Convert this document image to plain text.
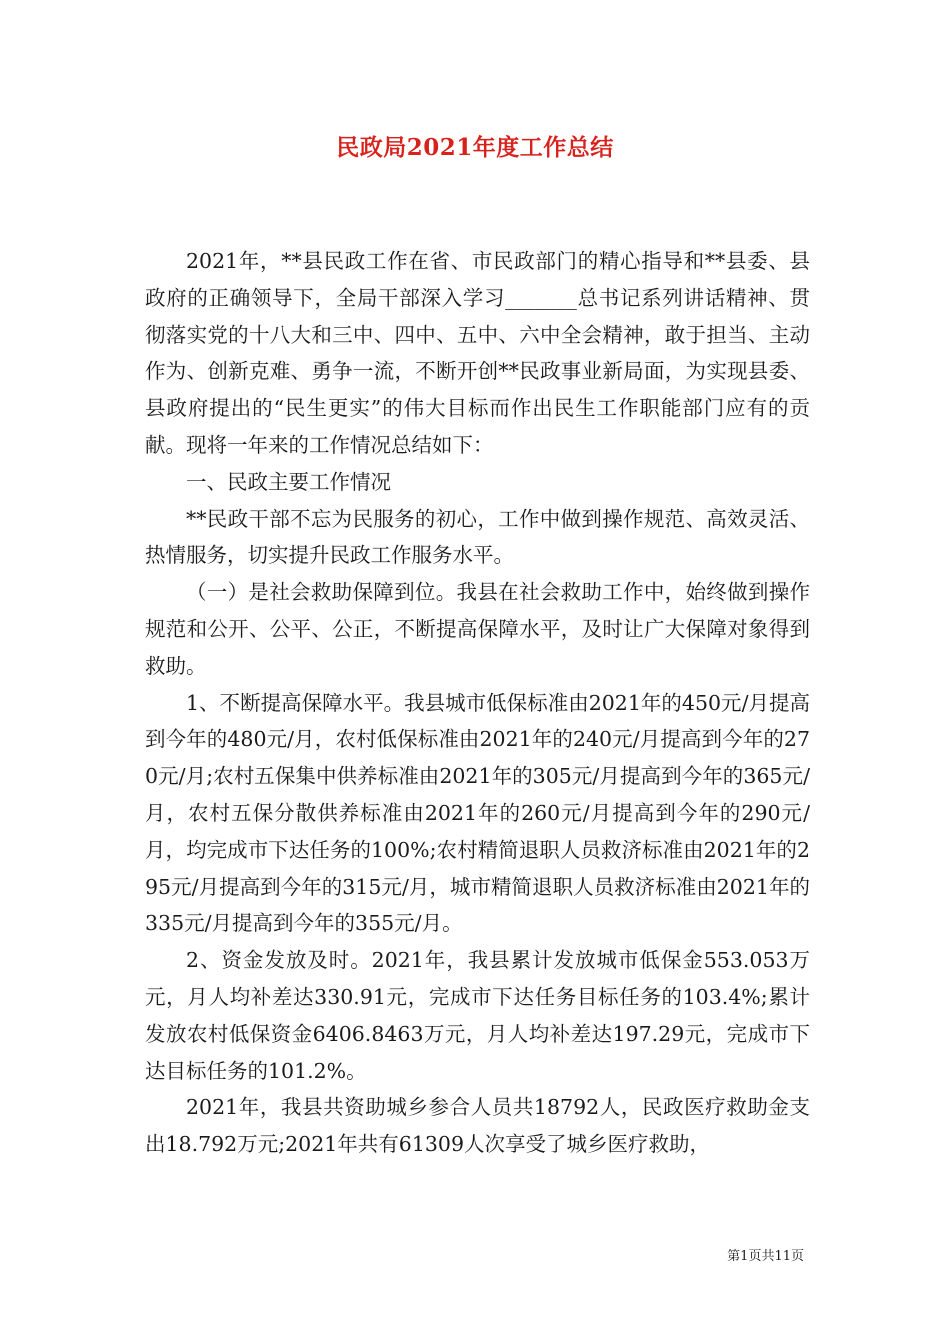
民政局2021年度工作总结

2021年，**县民政工作在省、市民政部门的精心指导和**县委、县政府的正确领导下，全局干部深入学习_______总书记系列讲话精神、贯彻落实党的十八大和三中、四中、五中、六中全会精神，敢于担当、主动作为、创新克难、勇争一流，不断开创**民政事业新局面，为实现县委、县政府提出的“民生更实”的伟大目标而作出民生工作职能部门应有的贡献。现将一年来的工作情况总结如下：

一、民政主要工作情况

**民政干部不忘为民服务的初心，工作中做到操作规范、高效灵活、热情服务，切实提升民政工作服务水平。

（一）是社会救助保障到位。我县在社会救助工作中，始终做到操作规范和公开、公平、公正，不断提高保障水平，及时让广大保障对象得到救助。

1、不断提高保障水平。我县城市低保标准由2021年的450元/月提高到今年的480元/月，农村低保标准由2021年的240元/月提高到今年的270元/月;农村五保集中供养标准由2021年的305元/月提高到今年的365元/月，农村五保分散供养标准由2021年的260元/月提高到今年的290元/月，均完成市下达任务的100%;农村精简退职人员救济标准由2021年的295元/月提高到今年的315元/月，城市精简退职人员救济标准由2021年的335元/月提高到今年的355元/月。

2、资金发放及时。2021年，我县累计发放城市低保金553.053万元，月人均补差达330.91元，完成市下达任务目标任务的103.4%;累计发放农村低保资金6406.8463万元，月人均补差达197.29元，完成市下达目标任务的101.2%。

2021年，我县共资助城乡参合人员共18792人，民政医疗救助金支出18.792万元;2021年共有61309人次享受了城乡医疗救助，

第1页共11页
